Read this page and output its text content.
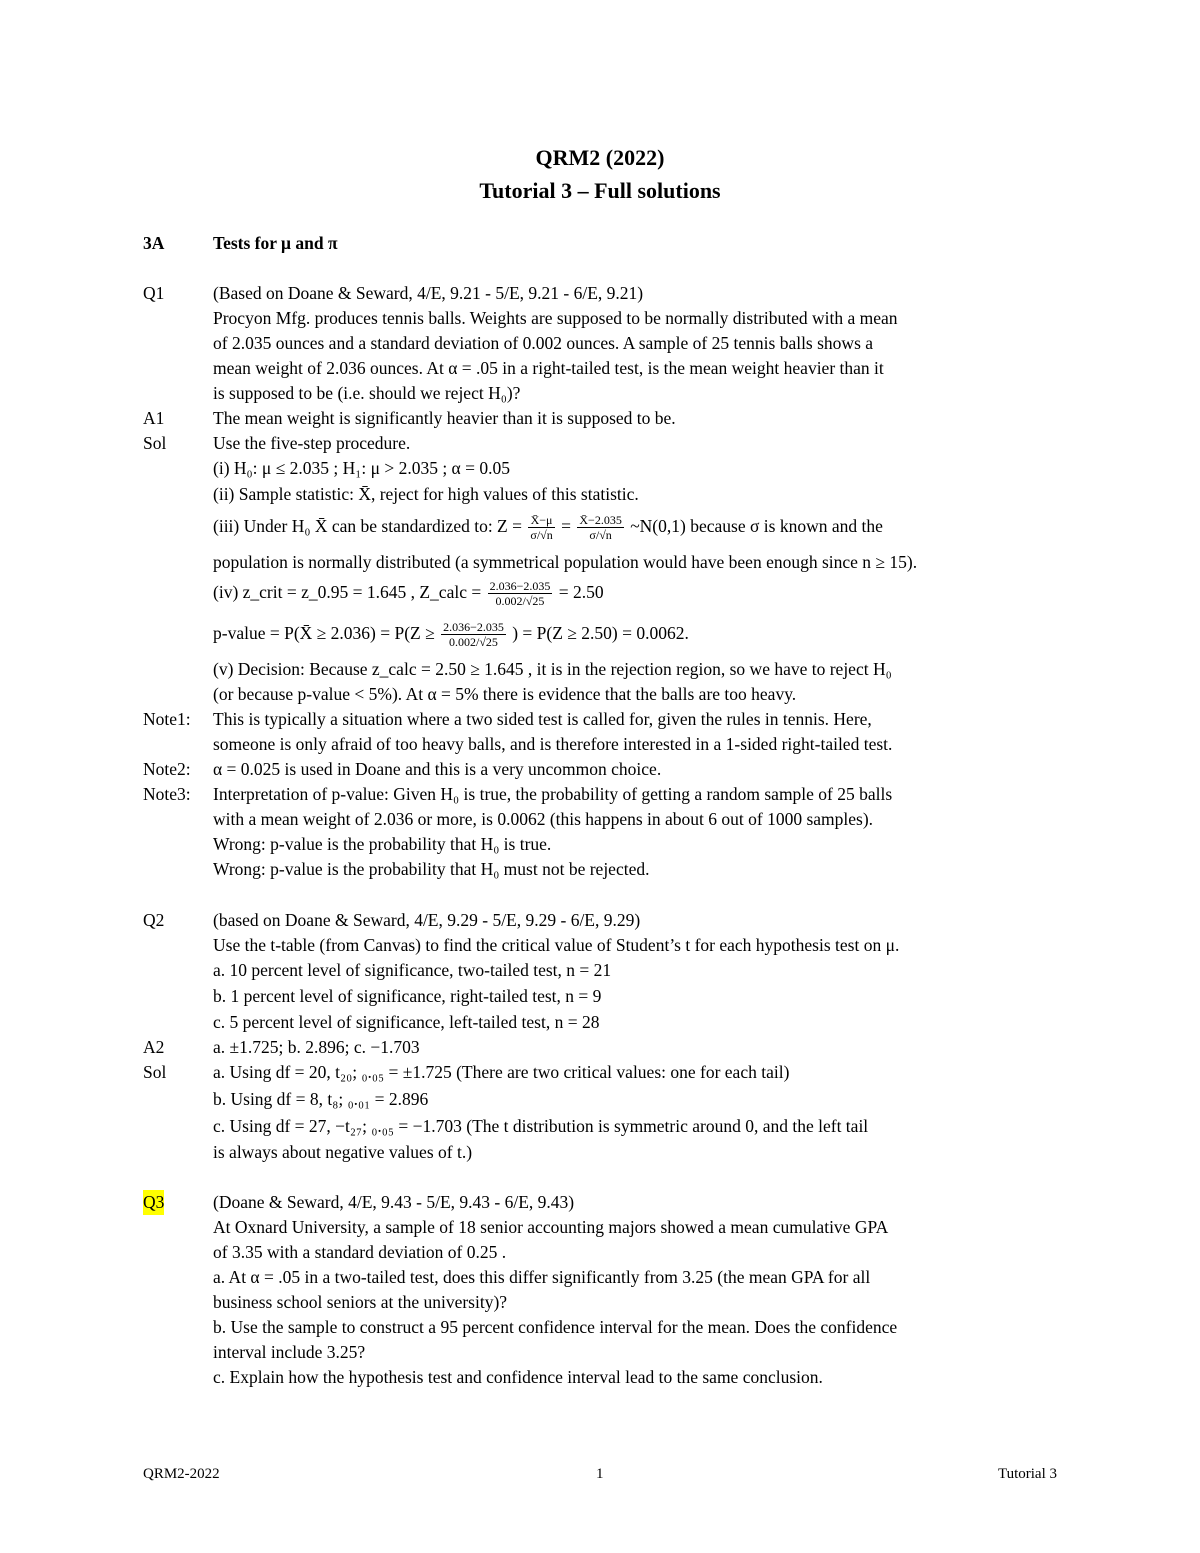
QRM2 (2022)
Tutorial 3 – Full solutions
3A	Tests for μ and π
Q1	(Based on Doane & Seward, 4/E, 9.21 - 5/E, 9.21 - 6/E, 9.21)
Procyon Mfg. produces tennis balls. Weights are supposed to be normally distributed with a mean
of 2.035 ounces and a standard deviation of 0.002 ounces. A sample of 25 tennis balls shows a
mean weight of 2.036 ounces. At α = .05 in a right-tailed test, is the mean weight heavier than it
is supposed to be (i.e. should we reject H₀)?
A1	The mean weight is significantly heavier than it is supposed to be.
Sol	Use the five-step procedure.
(i) H₀: μ ≤ 2.035 ; H₁: μ > 2.035 ; α = 0.05
(ii) Sample statistic: X̄, reject for high values of this statistic.
(iii) Under H₀ X̄ can be standardized to: $Z = \frac{X̄-\mu}{\sigma/√n} = \frac{X̄-2.035}{\sigma/√n}$ ~N(0,1) because σ is known and the
population is normally distributed (a symmetrical population would have been enough since n ≥ 15).
(iv) z_crit = z_0.95 = 1.645 , Z_calc = $\frac{2.036-2.035}{0.002/√25} = 2.50$
p-value = P(X̄ ≥ $2.036) = P(Z \ge \frac{2.036-2.035}{0.002/√25}$ ) = P(Z ≥ 2.50) = 0.0062.
(v) Decision: Because z_calc = 2.50 ≥ 1.645 , it is in the rejection region, so we have to reject H₀
(or because p-value < 5%). At α = 5% there is evidence that the balls are too heavy.
Note1: This is typically a situation where a two sided test is called for, given the rules in tennis. Here,
someone is only afraid of too heavy balls, and is therefore interested in a 1-sided right-tailed test.
Note2: α = 0.025 is used in Doane and this is a very uncommon choice.
Note3: Interpretation of p-value: Given H₀ is true, the probability of getting a random sample of 25 balls
with a mean weight of 2.036 or more, is 0.0062 (this happens in about 6 out of 1000 samples).
Wrong: p-value is the probability that H₀ is true.
Wrong: p-value is the probability that H₀ must not be rejected.
Q2	(based on Doane & Seward, 4/E, 9.29 - 5/E, 9.29 - 6/E, 9.29)
Use the t-table (from Canvas) to find the critical value of Student’s t for each hypothesis test on μ.
a. 10 percent level of significance, two-tailed test, n = 21
b. 1 percent level of significance, right-tailed test, n = 9
c. 5 percent level of significance, left-tailed test, n = 28
A2	a. ±1.725; b. 2.896; c. −1.703
Sol	a. Using df = 20, t₂₀; ₀.₀₅ = ±1.725 (There are two critical values: one for each tail)
b. Using df = 8, t₈; ₀.₀₁ = 2.896
c. Using df = 27, −t₂₇; ₀.₀₅ = −1.703 (The t distribution is symmetric around 0, and the left tail
is always about negative values of t.)
Q3	(Doane & Seward, 4/E, 9.43 - 5/E, 9.43 - 6/E, 9.43)
At Oxnard University, a sample of 18 senior accounting majors showed a mean cumulative GPA
of 3.35 with a standard deviation of 0.25 .
a. At α = .05 in a two-tailed test, does this differ significantly from 3.25 (the mean GPA for all
business school seniors at the university)?
b. Use the sample to construct a 95 percent confidence interval for the mean. Does the confidence
interval include 3.25?
c. Explain how the hypothesis test and confidence interval lead to the same conclusion.
QRM2-2022	1	Tutorial 3
